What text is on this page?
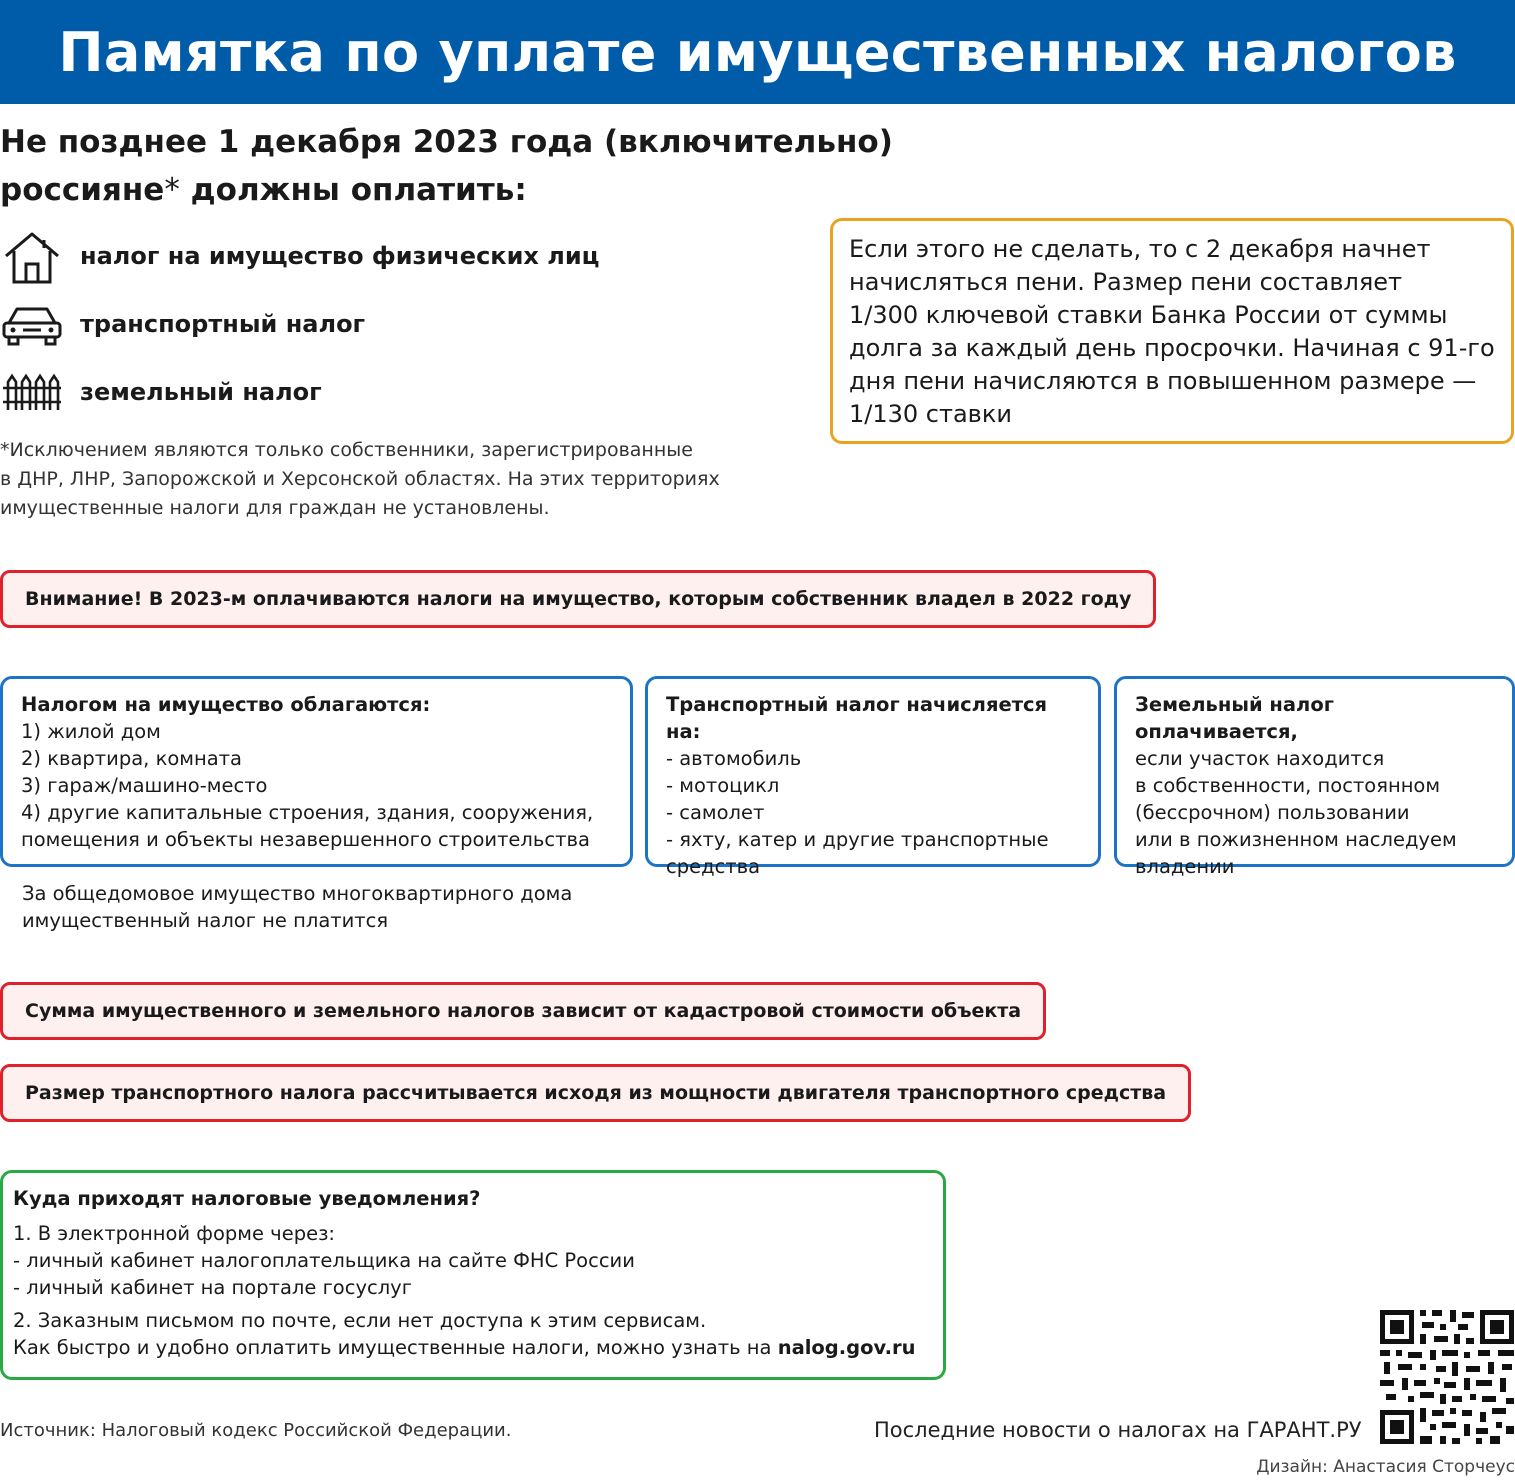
Памятка по уплате имущественных налогов
Не позднее 1 декабря 2023 года (включительно)
россияне* должны оплатить:
налог на имущество физических лиц
транспортный налог
земельный налог
*Исключением являются только собственники, зарегистрированные
в ДНР, ЛНР, Запорожской и Херсонской областях. На этих территориях
имущественные налоги для граждан не установлены.
Если этого не сделать, то с 2 декабря начнет
начисляться пени. Размер пени составляет
1/300 ключевой ставки Банка России от суммы
долга за каждый день просрочки. Начиная с 91-го
дня пени начисляются в повышенном размере —
1/130 ставки
Внимание! В 2023-м оплачиваются налоги на имущество, которым собственник владел в 2022 году
Налогом на имущество облагаются:
1) жилой дом
2) квартира, комната
3) гараж/машино-место
4) другие капитальные строения, здания, сооружения,
помещения и объекты незавершенного строительства
Транспортный налог начисляется на:
- автомобиль
- мотоцикл
- самолет
- яхту, катер и другие транспортные
средства
Земельный налог оплачивается,
если участок находится
в собственности, постоянном
(бессрочном) пользовании
или в пожизненном наследуем
владении
За общедомовое имущество многоквартирного дома
имущественный налог не платится
Сумма имущественного и земельного налогов зависит от кадастровой стоимости объекта
Размер транспортного налога рассчитывается исходя из мощности двигателя транспортного средства
Куда приходят налоговые уведомления?
1. В электронной форме через:
- личный кабинет налогоплательщика на сайте ФНС России
- личный кабинет на портале госуслуг
2. Заказным письмом по почте, если нет доступа к этим сервисам.
Как быстро и удобно оплатить имущественные налоги, можно узнать на nalog.gov.ru
Источник: Налоговый кодекс Российской Федерации.	Последние новости о налогах на ГАРАНТ.РУ
Дизайн: Анастасия Сторчеус
